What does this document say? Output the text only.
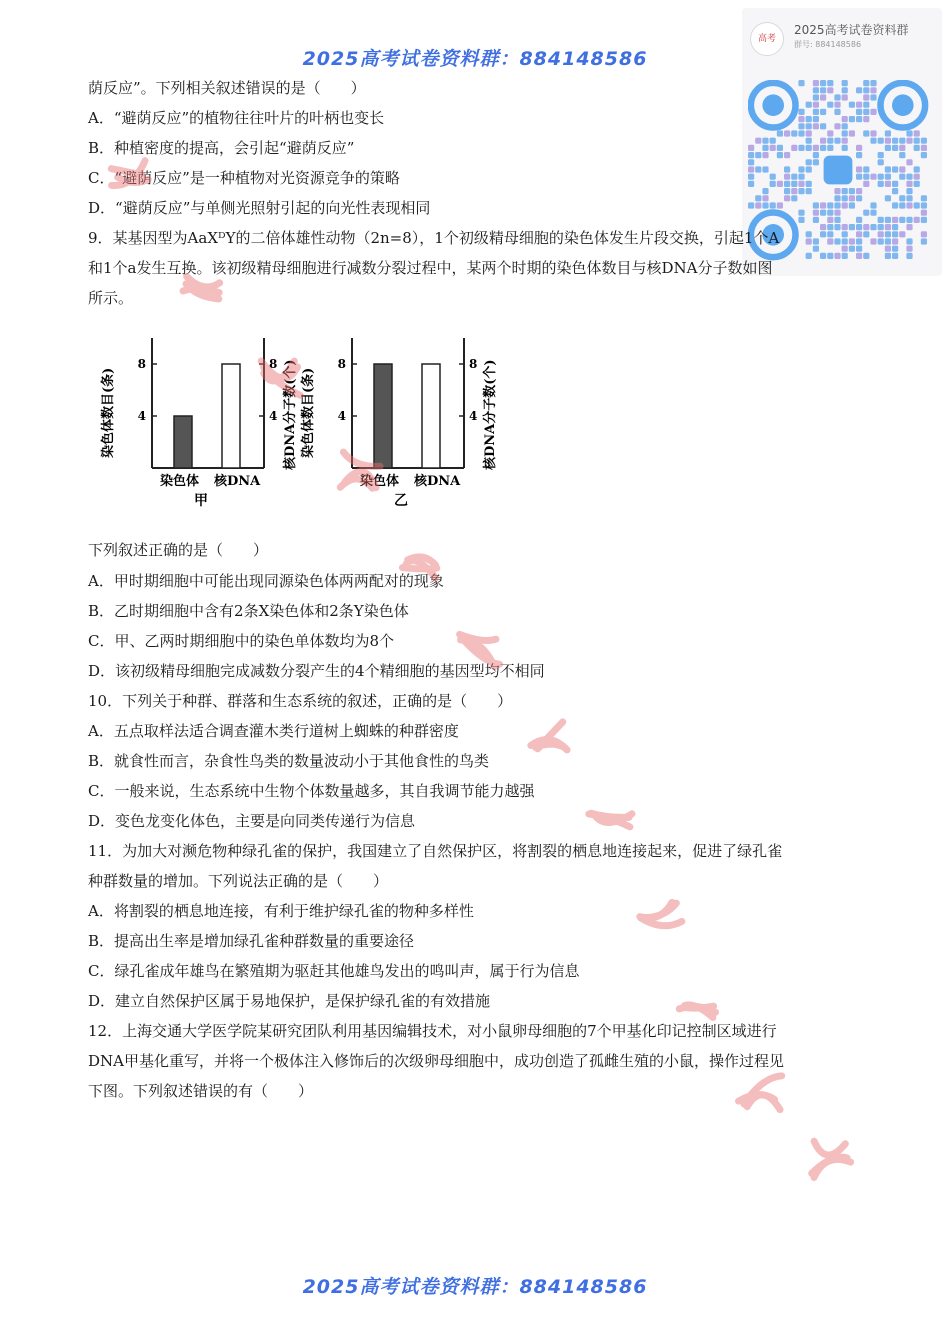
2025高考试卷资料群：884148586
高考
2025高考试卷资料群
群号: 884148586
荫反应”。下列相关叙述错误的是（　　）
A．“避荫反应”的植物往往叶片的叶柄也变长
B．种植密度的提高，会引起“避荫反应”
C．“避荫反应”是一种植物对光资源竞争的策略
D．“避荫反应”与单侧光照射引起的向光性表现相同
9．某基因型为AaXᴰY的二倍体雄性动物（2n=8），1个初级精母细胞的染色体发生片段交换，引起1个A
和1个a发生互换。该初级精母细胞进行减数分裂过程中，某两个时期的染色体数目与核DNA分子数如图
所示。
下列叙述正确的是（　　）
A．甲时期细胞中可能出现同源染色体两两配对的现象
B．乙时期细胞中含有2条X染色体和2条Y染色体
C．甲、乙两时期细胞中的染色单体数均为8个
D．该初级精母细胞完成减数分裂产生的4个精细胞的基因型均不相同
10．下列关于种群、群落和生态系统的叙述，正确的是（　　）
A．五点取样法适合调查灌木类行道树上蜘蛛的种群密度
B．就食性而言，杂食性鸟类的数量波动小于其他食性的鸟类
C．一般来说，生态系统中生物个体数量越多，其自我调节能力越强
D．变色龙变化体色，主要是向同类传递行为信息
11．为加大对濒危物种绿孔雀的保护，我国建立了自然保护区，将割裂的栖息地连接起来，促进了绿孔雀
种群数量的增加。下列说法正确的是（　　）
A．将割裂的栖息地连接，有利于维护绿孔雀的物种多样性
B．提高出生率是增加绿孔雀种群数量的重要途径
C．绿孔雀成年雄鸟在繁殖期为驱赶其他雄鸟发出的鸣叫声，属于行为信息
D．建立自然保护区属于易地保护，是保护绿孔雀的有效措施
12．上海交通大学医学院某研究团队利用基因编辑技术，对小鼠卵母细胞的7个甲基化印记控制区域进行
DNA甲基化重写，并将一个极体注入修饰后的次级卵母细胞中，成功创造了孤雌生殖的小鼠，操作过程见
下图。下列叙述错误的有（　　）
4	4
8	8
染色体 核DNA
甲
染色体数目(条)	核DNA分子数(个)	4	4
8	8
染色体 核DNA
乙
染色体数目(条)	核DNA分子数(个)
2025高考试卷资料群：884148586
